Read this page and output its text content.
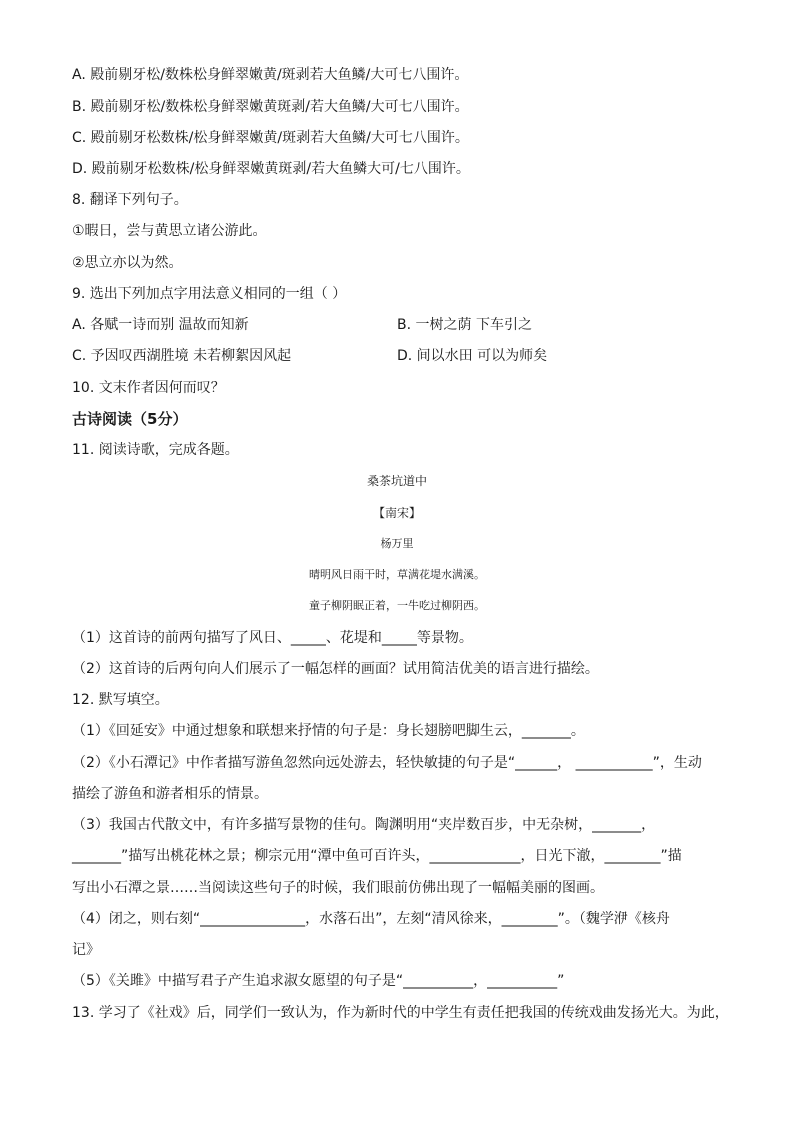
A. 殿前剔牙松/数株松身鲜翠嫩黄/斑剥若大鱼鳞/大可七八围许。
B. 殿前剔牙松/数株松身鲜翠嫩黄斑剥/若大鱼鳞/大可七八围许。
C. 殿前剔牙松数株/松身鲜翠嫩黄/斑剥若大鱼鳞/大可七八围许。
D. 殿前剔牙松数株/松身鲜翠嫩黄斑剥/若大鱼鳞大可/七八围许。
8. 翻译下列句子。
①暇日，尝与黄思立诸公游此。
②思立亦以为然。
9. 选出下列加点字用法意义相同的一组（ ）
A. 各赋一诗而别 温故而知新	B. 一树之荫 下车引之
C. 予因叹西湖胜境 未若柳絮因风起	D. 间以水田 可以为师矣
10. 文末作者因何而叹？
古诗阅读（5分）
11. 阅读诗歌，完成各题。
桑茶坑道中
【南宋】
杨万里
晴明风日雨干时，草满花堤水满溪。
童子柳阴眠正着，一牛吃过柳阴西。
（1）这首诗的前两句描写了风日、_____、花堤和_____等景物。
（2）这首诗的后两句向人们展示了一幅怎样的画面？试用简洁优美的语言进行描绘。
12. 默写填空。
（1）《回延安》中通过想象和联想来抒情的句子是：身长翅膀吧脚生云，_______。
（2）《小石潭记》中作者描写游鱼忽然向远处游去，轻快敏捷的句子是“______， ___________”，生动
描绘了游鱼和游者相乐的情景。
（3）我国古代散文中，有许多描写景物的佳句。陶渊明用“夹岸数百步，中无杂树，_______，
_______”描写出桃花林之景；柳宗元用“潭中鱼可百许头，_____________，日光下澈，________”描
写出小石潭之景……当阅读这些句子的时候，我们眼前仿佛出现了一幅幅美丽的图画。
（4）闭之，则右刻“_______________，水落石出”，左刻“清风徐来，________”。（魏学洢《核舟
记》
（5）《关雎》中描写君子产生追求淑女愿望的句子是“__________，__________”
13. 学习了《社戏》后，同学们一致认为，作为新时代的中学生有责任把我国的传统戏曲发扬光大。为此，
